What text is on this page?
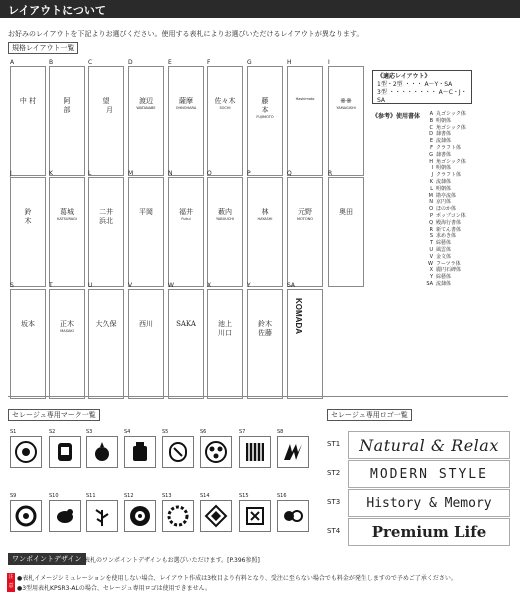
レイアウトについて
お好みのレイアウトを下記よりお選びください。使用する表札によりお選びいただけるレイアウトが異なります。
規格レイアウト一覧
A
中 村
B
阿
部
C
望
　月
D
渡辺
WATANABE
E
薩摩
OHNOHARA
F
佐々木
SOCHI
G
藤
本
FUJIMOTO
H
Hashimoto
I
※※
YAMAGISHI
J
鈴
木
K
葛城
KATSURAGI
L
二井
浜北
M
平岡
N
福井
Fukui
O
薮内
YABUUCHI
P
林
HAYASHI
Q
元野
MOTONO
R
奥田
S
坂本
T
正木
MASAKI
U
大久保
V
西川
W
SAKA
X
池上
川口
Y
鈴木
佐藤
SA
KOMADA
《適応レイアウト》
1型・2型 ・・・ A～Y・SA
3型 ・・・・・・・・ A～C・J・SA
《参考》使用書体	A 丸ゴシック体
B 明朝体
C 角ゴシック体
D 隷書体
E 流隷体
F クラフト体
G 隷書体
H 角ゴシック体
I 明朝体
J クラフト体
K 流隷体
L 明朝体
M 勘亭流体
N 京円体
O ほのか体
P ポップコン体
Q 殿海行書体
R 新てん書体
S 求めき体
T 綜藝体
U 風雲体
V 金文体
W フーツラ体
X 麗円石碑体
Y 綜藝体
SA 流隷体
セレージュ専用マーク一覧	セレージュ専用ロゴ一覧
S1	S2	S3	S4	S5	S6	S7	S8
S9	S10	S11	S12	S13	S14	S15	S16
ST1	Natural & Relax
ST2	MODERN STYLE
ST3	History & Memory
ST4	Premium Life
ワンポイントデザイン 表札のワンポイントデザインもお選びいただけます。[P.396参照]
注意
●表札イメージシミュレーションを使用しない場合、レイアウト作成は3枚目より有料となり、受注に至らない場合でも料金が発生しますので予めご了承ください。
●3型用表札KPSR3-ALの場合、セレージュ専用ロゴは使用できません。
